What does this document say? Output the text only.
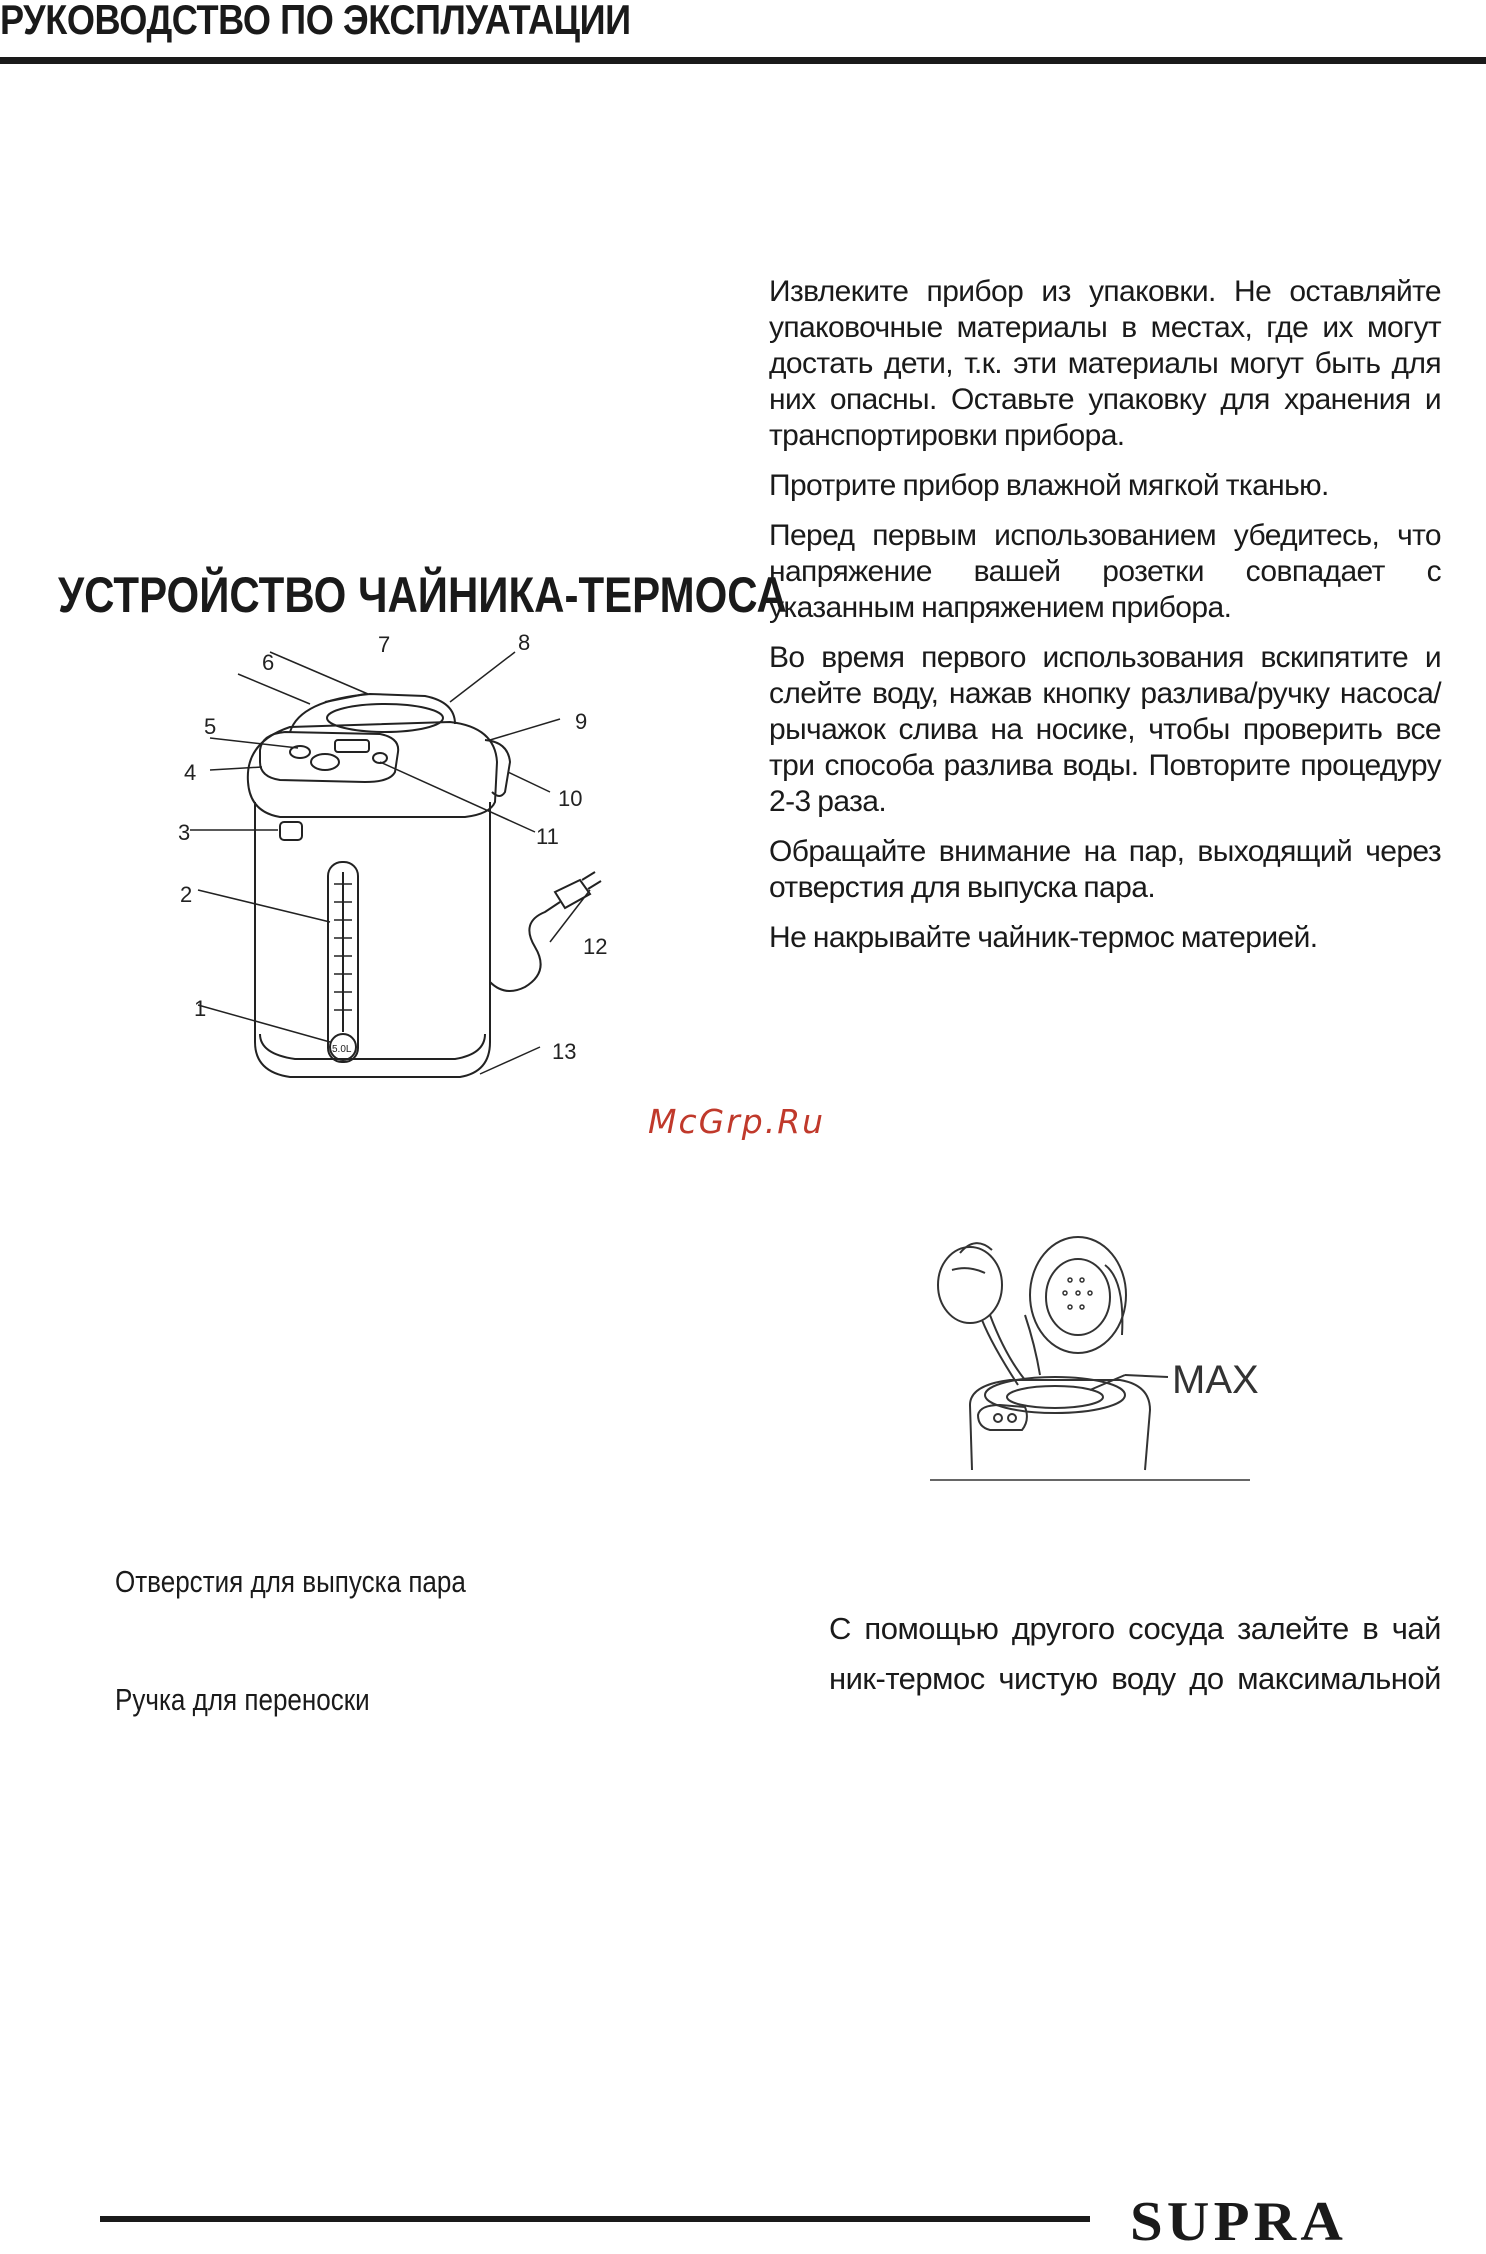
РУКОВОДСТВО ПО ЭКСПЛУАТАЦИИ
УСТРОЙСТВО ЧАЙНИКА-ТЕРМОСА

Извлеките прибор из упаковки. Не оставляйте упаковочные материалы в местах, где их могут достать дети, т.к. эти материалы могут быть для них опасны. Оставьте упаковку для хранения и транспортировки прибора.

Протрите прибор влажной мягкой тканью.

Перед первым использованием убедитесь, что напряжение вашей розетки совпадает с указанным напряжением прибора.

Во время первого использования вскипятите и слейте воду, нажав кнопку разлива/ручку насоса/рычажок слива на носике, чтобы проверить все три способа разлива воды. Повторите процедуру 2-3 раза.

Обращайте внимание на пар, выходящий через отверстия для выпуска пара.

Не накрывайте чайник-термос материей.

1
2
3
4
5
6
7	8
9
10
11
12
13
5.0L
McGrp.Ru
MAX
Отверстия для выпуска пара
Ручка для переноски
С помощью другого сосуда залейте в чай
ник-термос чистую воду до максимальной
SUPRA
